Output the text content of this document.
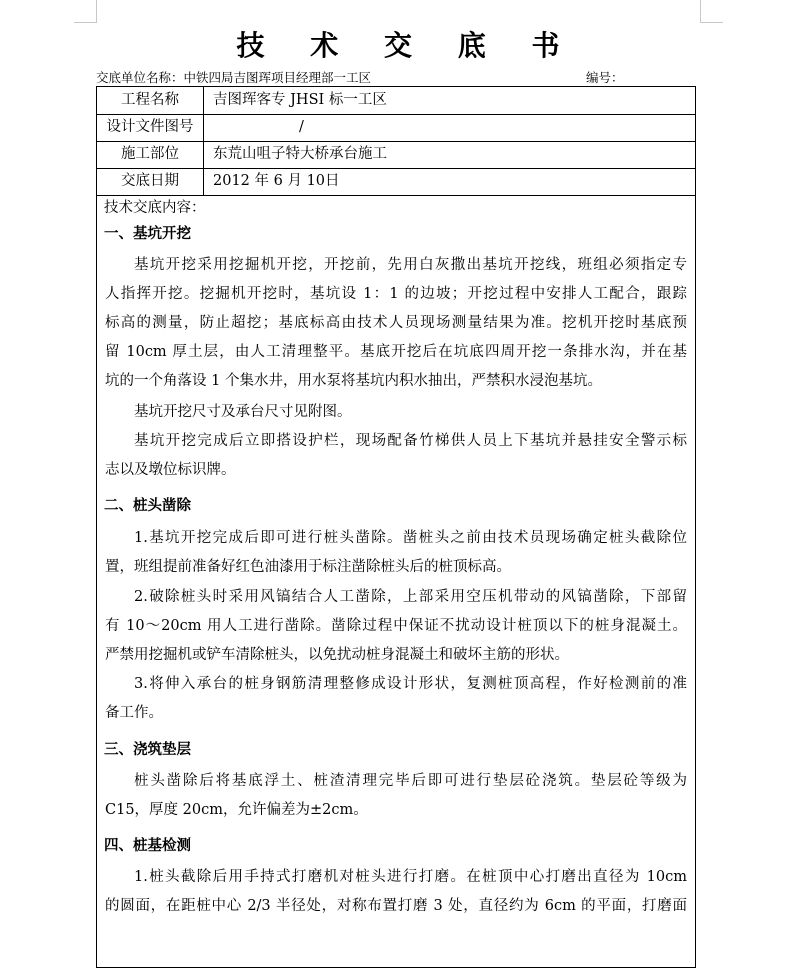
技 术 交 底 书
交底单位名称：中铁四局吉图珲项目经理部一工区	编号：
工程名称	吉图珲客专 JHSI 标一工区
设计文件图号	/
施工部位	东荒山咀子特大桥承台施工
交底日期	2012 年 6 月 10日
技术交底内容：
一、基坑开挖
基坑开挖采用挖掘机开挖，开挖前，先用白灰撒出基坑开挖线，班组必须指定专
人指挥开挖。挖掘机开挖时，基坑设 1：1 的边坡；开挖过程中安排人工配合，跟踪
标高的测量，防止超挖；基底标高由技术人员现场测量结果为准。挖机开挖时基底预
留 10cm 厚土层，由人工清理整平。基底开挖后在坑底四周开挖一条排水沟，并在基
坑的一个角落设 1 个集水井，用水泵将基坑内积水抽出，严禁积水浸泡基坑。
基坑开挖尺寸及承台尺寸见附图。
基坑开挖完成后立即搭设护栏，现场配备竹梯供人员上下基坑并悬挂安全警示标
志以及墩位标识牌。
二、桩头凿除
1.基坑开挖完成后即可进行桩头凿除。凿桩头之前由技术员现场确定桩头截除位
置，班组提前准备好红色油漆用于标注凿除桩头后的桩顶标高。
2.破除桩头时采用风镐结合人工凿除，上部采用空压机带动的风镐凿除，下部留
有 10～20cm 用人工进行凿除。凿除过程中保证不扰动设计桩顶以下的桩身混凝土。
严禁用挖掘机或铲车清除桩头，以免扰动桩身混凝土和破坏主筋的形状。
3.将伸入承台的桩身钢筋清理整修成设计形状，复测桩顶高程，作好检测前的准
备工作。
三、浇筑垫层
桩头凿除后将基底浮土、桩渣清理完毕后即可进行垫层砼浇筑。垫层砼等级为
C15，厚度 20cm，允许偏差为±2cm。
四、桩基检测
1.桩头截除后用手持式打磨机对桩头进行打磨。在桩顶中心打磨出直径为 10cm
的圆面，在距桩中心 2/3 半径处，对称布置打磨 3 处，直径约为 6cm 的平面，打磨面
